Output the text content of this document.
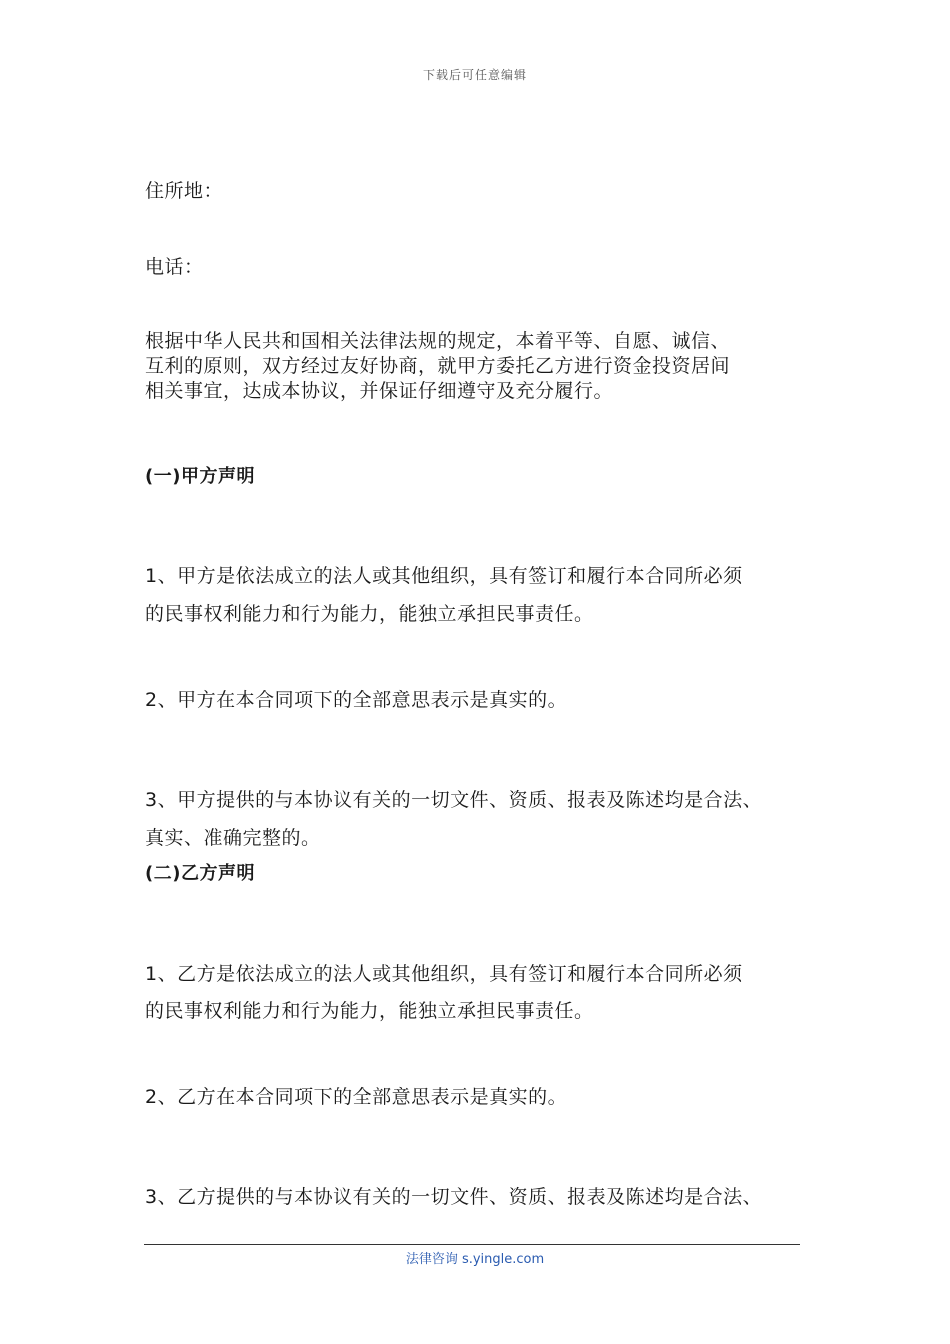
下载后可任意编辑

住所地：

电话：

根据中华人民共和国相关法律法规的规定，本着平等、自愿、诚信、

互利的原则，双方经过友好协商，就甲方委托乙方进行资金投资居间

相关事宜，达成本协议，并保证仔细遵守及充分履行。

(一)甲方声明

1、甲方是依法成立的法人或其他组织，具有签订和履行本合同所必须

的民事权利能力和行为能力，能独立承担民事责任。

2、甲方在本合同项下的全部意思表示是真实的。

3、甲方提供的与本协议有关的一切文件、资质、报表及陈述均是合法、

真实、准确完整的。

(二)乙方声明

1、乙方是依法成立的法人或其他组织，具有签订和履行本合同所必须

的民事权利能力和行为能力，能独立承担民事责任。

2、乙方在本合同项下的全部意思表示是真实的。

3、乙方提供的与本协议有关的一切文件、资质、报表及陈述均是合法、

法律咨询 s.yingle.com
